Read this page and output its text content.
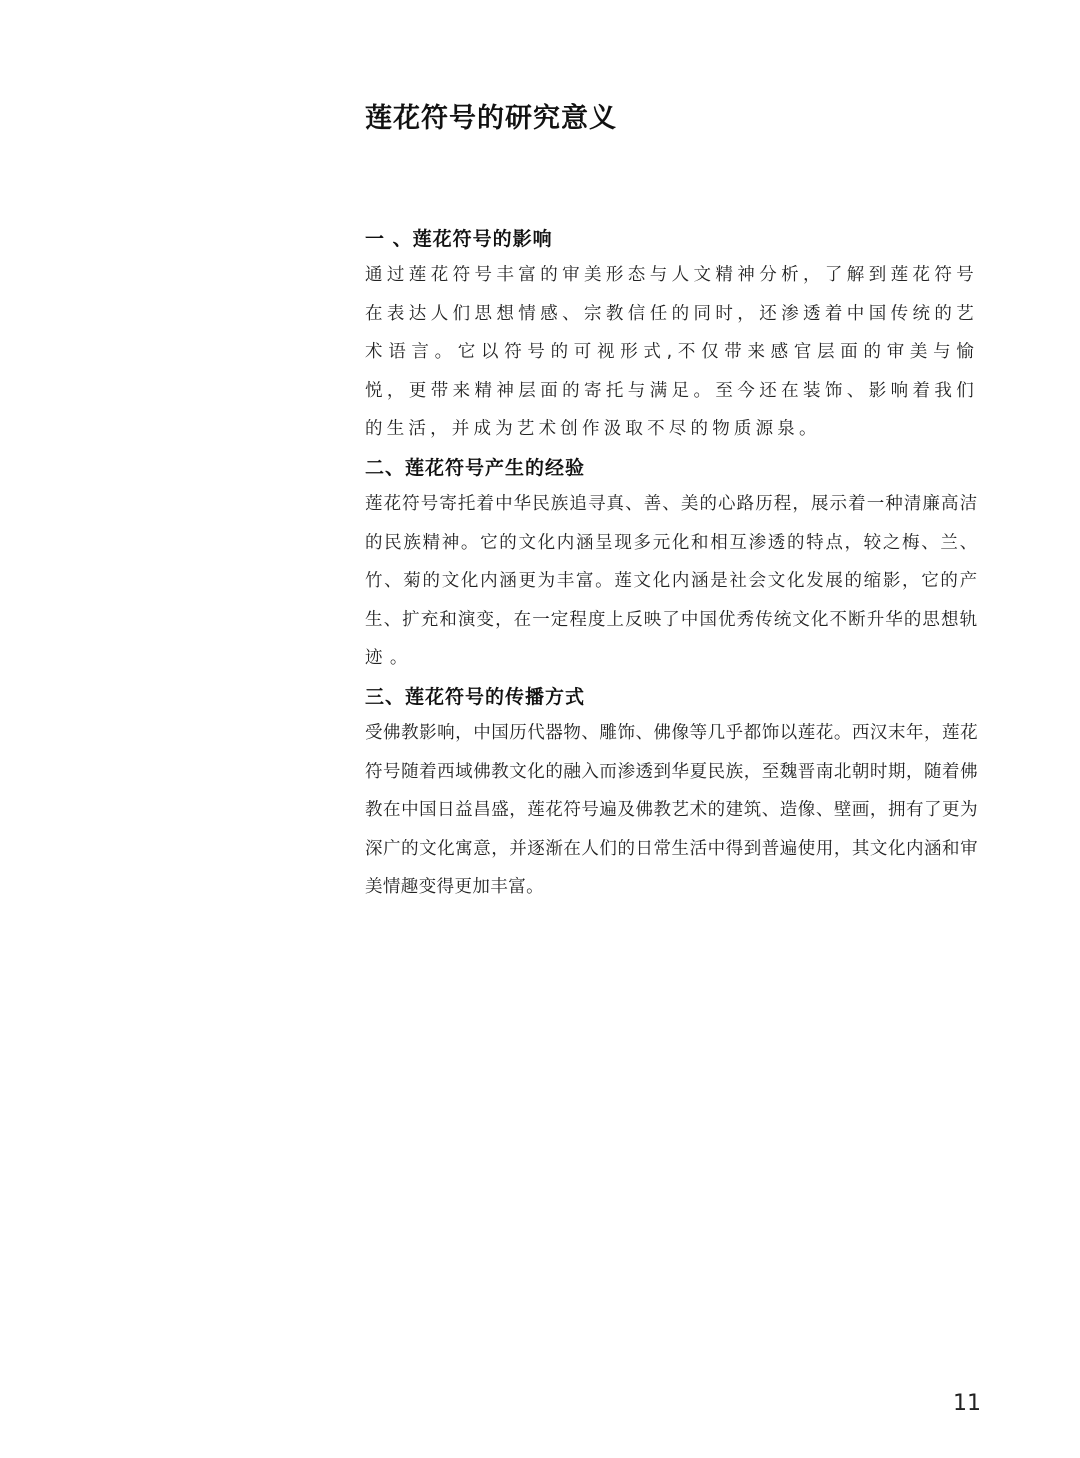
莲花符号的研究意义
一 、莲花符号的影响

通过莲花符号丰富的审美形态与人文精神分析，了解到莲花符号在表达人们思想情感、宗教信任的同时，还渗透着中国传统的艺术语言。它以符号的可视形式,不仅带来感官层面的审美与愉悦，更带来精神层面的寄托与满足。至今还在装饰、影响着我们的生活，并成为艺术创作汲取不尽的物质源泉。

二、莲花符号产生的经验

莲花符号寄托着中华民族追寻真、善、美的心路历程，展示着一种清廉高洁的民族精神。它的文化内涵呈现多元化和相互渗透的特点，较之梅、兰、竹、菊的文化内涵更为丰富。莲文化内涵是社会文化发展的缩影，它的产生、扩充和演变，在一定程度上反映了中国优秀传统文化不断升华的思想轨迹 。

三、莲花符号的传播方式

受佛教影响，中国历代器物、雕饰、佛像等几乎都饰以莲花。西汉末年，莲花符号随着西域佛教文化的融入而渗透到华夏民族，至魏晋南北朝时期，随着佛教在中国日益昌盛，莲花符号遍及佛教艺术的建筑、造像、壁画，拥有了更为深广的文化寓意，并逐渐在人们的日常生活中得到普遍使用，其文化内涵和审美情趣变得更加丰富。

11
